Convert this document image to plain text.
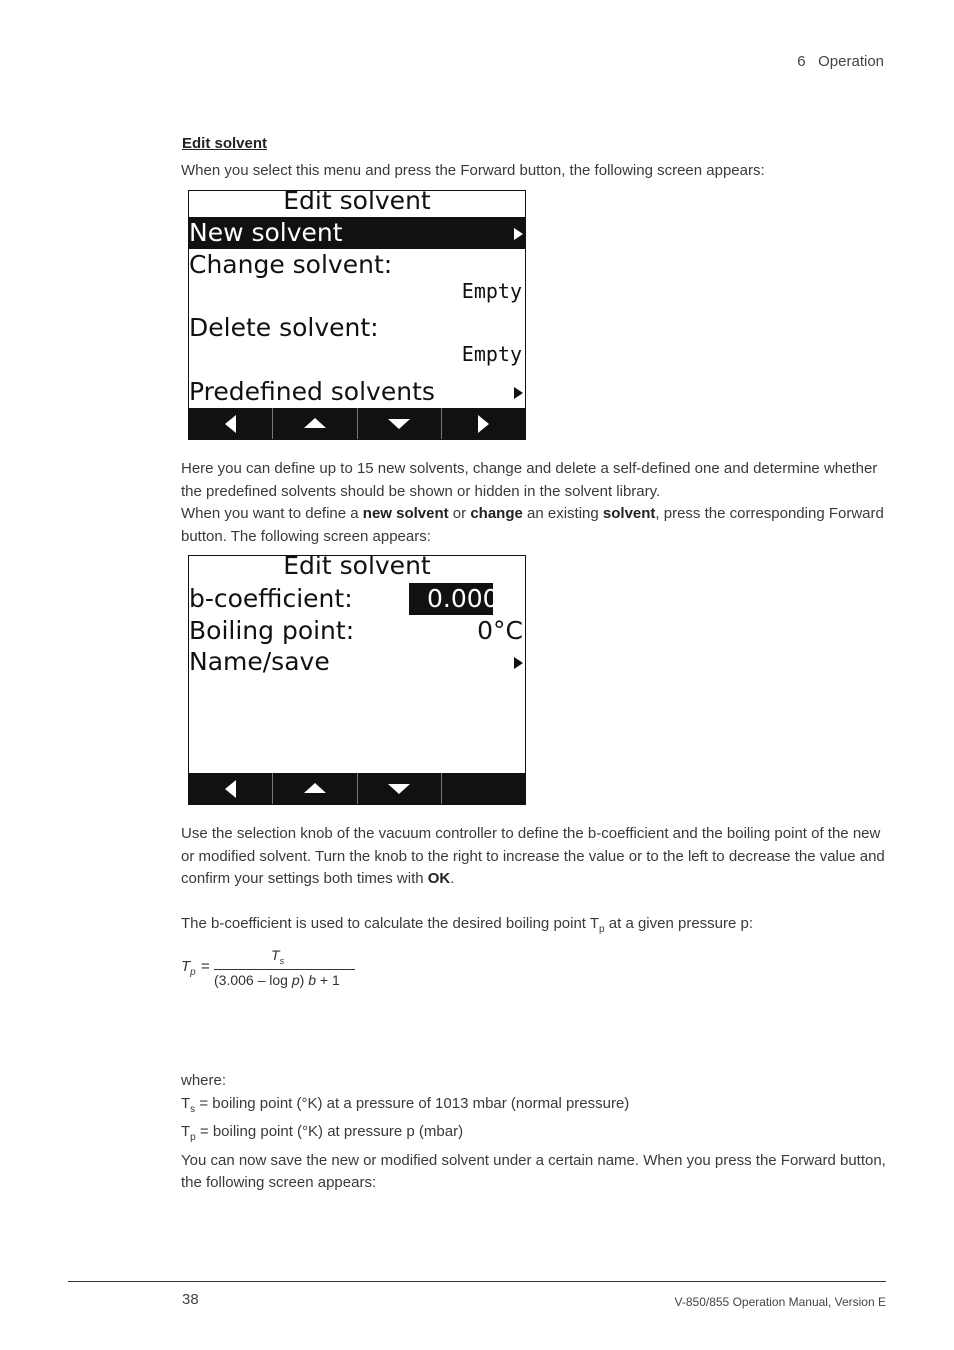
6 Operation
Edit solvent
When you select this menu and press the Forward button, the following screen appears:
Edit solvent
New solvent
Change solvent:
Empty
Delete solvent:
Empty
Predefined solvents
Here you can define up to 15 new solvents, change and delete a self-defined one and determine whether the predefined solvents should be shown or hidden in the solvent library.
When you want to define a new solvent or change an existing solvent, press the corresponding Forward button. The following screen appears:
Edit solvent
b-coefficient:	0.000
Boiling point:	0°C
Name/save
Use the selection knob of the vacuum controller to define the b-coefficient and the boiling point of the new or modified solvent. Turn the knob to the right to increase the value or to the left to decrease the value and confirm your settings both times with OK.
The b-coefficient is used to calculate the desired boiling point $T_p$ at a given pressure p:
$T_p$ =
$T_s$
(3.006 – log p) b + 1
where:
$T_s$ = boiling point (°K) at a pressure of 1013 mbar (normal pressure)
$T_p$ = boiling point (°K) at pressure p (mbar)
You can now save the new or modified solvent under a certain name. When you press the Forward button, the following screen appears:
38	V-850/855 Operation Manual, Version E
